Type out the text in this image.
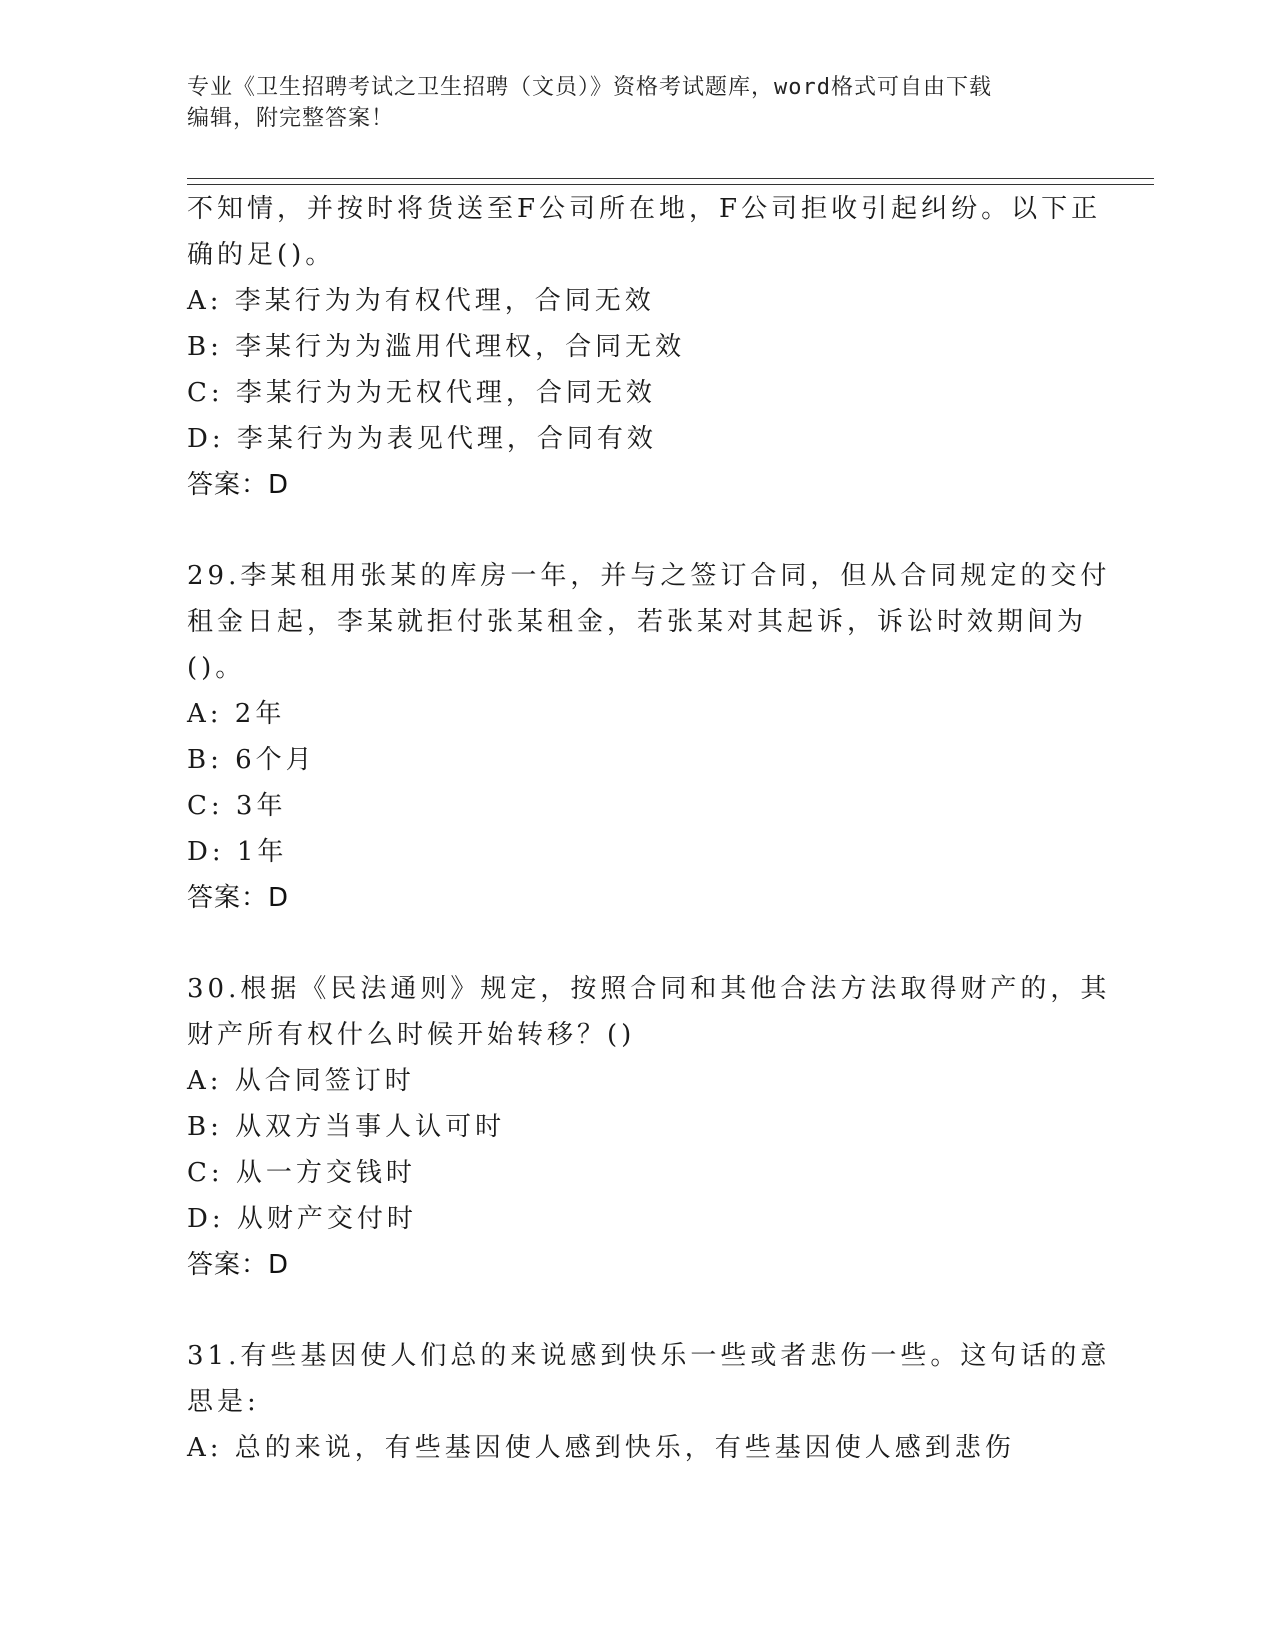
专业《卫生招聘考试之卫生招聘（文员）》资格考试题库，word格式可自由下载
编辑，附完整答案！
不知情，并按时将货送至F公司所在地，F公司拒收引起纠纷。以下正
确的足()。
A: 李某行为为有权代理，合同无效
B: 李某行为为滥用代理权，合同无效
C: 李某行为为无权代理，合同无效
D: 李某行为为表见代理，合同有效
答案：D
29.李某租用张某的库房一年，并与之签订合同，但从合同规定的交付
租金日起，李某就拒付张某租金，若张某对其起诉，诉讼时效期间为
()。
A: 2年
B: 6个月
C: 3年
D: 1年
答案：D
30.根据《民法通则》规定，按照合同和其他合法方法取得财产的，其
财产所有权什么时候开始转移？()
A: 从合同签订时
B: 从双方当事人认可时
C: 从一方交钱时
D: 从财产交付时
答案：D
31.有些基因使人们总的来说感到快乐一些或者悲伤一些。这句话的意
思是:
A: 总的来说，有些基因使人感到快乐，有些基因使人感到悲伤
